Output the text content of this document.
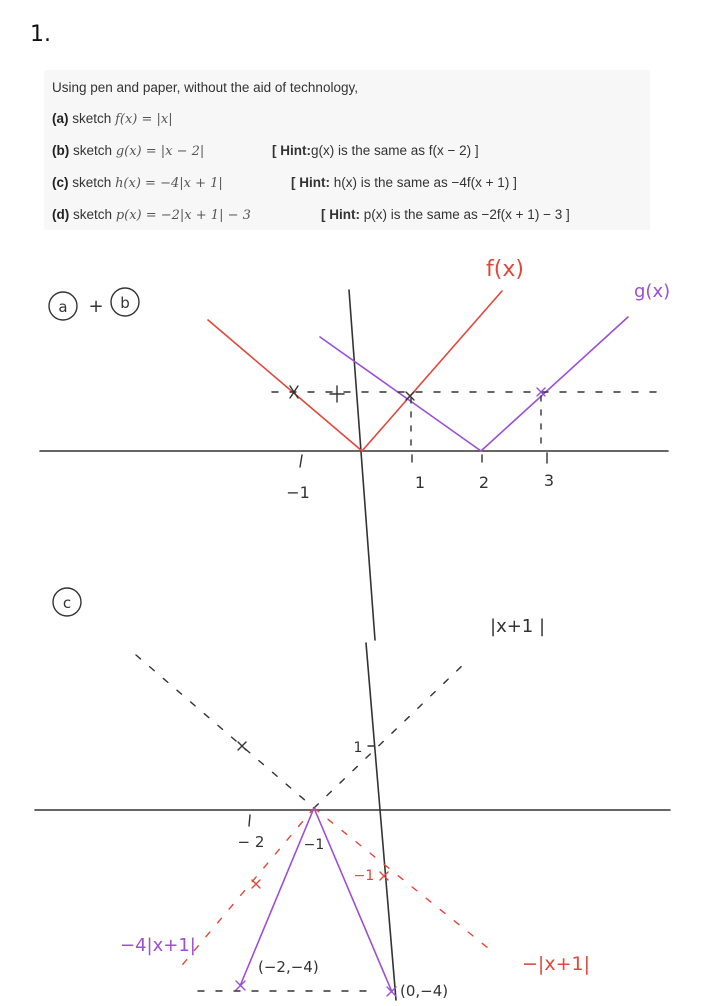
1.
Using pen and paper, without the aid of technology,
(a) sketch f(x) = |x|
(b) sketch g(x) = |x − 2|	[ Hint:g(x) is the same as f(x − 2) ]
(c) sketch h(x) = −4|x + 1|	[ Hint: h(x) is the same as −4f(x + 1) ]
(d) sketch p(x) = −2|x + 1| − 3	[ Hint: p(x) is the same as −2f(x + 1) − 3 ]
a + b
−1
1	2	3
f(x)
g(x)
c
− 2	−1
1
−1
|x+1 |
−|x+1|
−4|x+1|
(−2,−4)
(0,−4)
